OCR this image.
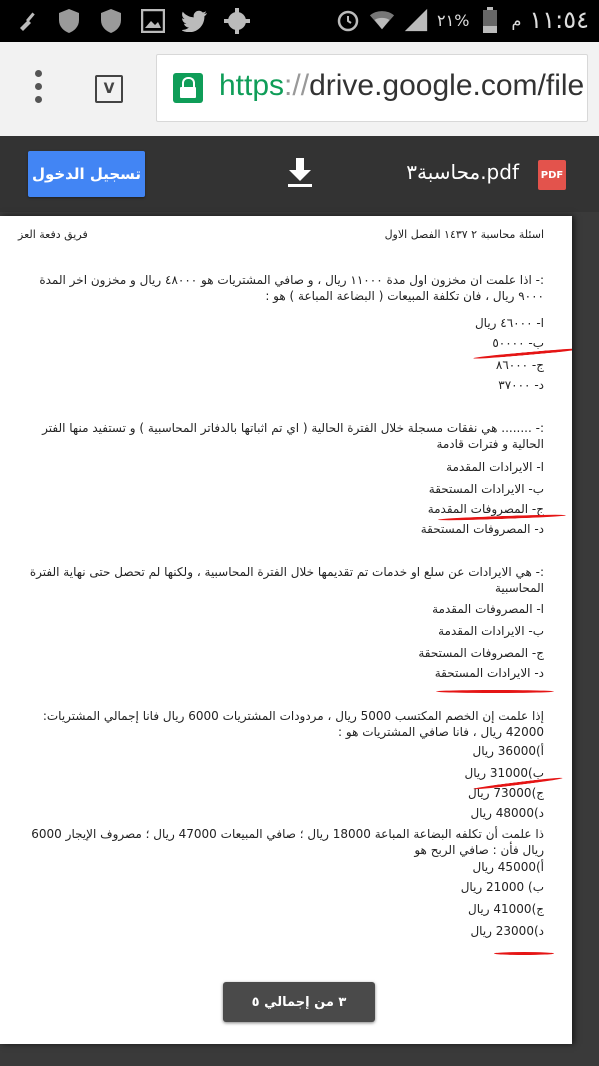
٢١%	م ١١:٥٤
V	https://drive.google.com/file
تسجيل الدخول	محاسبة٣.pdf PDF
اسئلة محاسبة ٢ ١٤٣٧ الفصل الاول
فريق دفعة العز
:- اذا علمت ان مخزون اول مدة ١١٠٠٠ ريال ، و صافي المشتريات هو ٤٨٠٠٠ ريال و مخزون اخر المدة ٩٠٠٠ ريال ، فان تكلفة المبيعات ( البضاعة المباعة ) هو :
ا- ٤٦٠٠٠ ريال
ب- ٥٠٠٠٠
ج- ٨٦٠٠٠
د- ٣٧٠٠٠
:- ........ هي نفقات مسجلة خلال الفترة الحالية ( اي تم اثباتها بالدفاتر المحاسبية ) و تستفيد منها الفتر الحالية و فترات قادمة
ا- الايرادات المقدمة
ب- الايرادات المستحقة
ج- المصروفات المقدمة
د- المصروفات المستحقة
:- هي الايرادات عن سلع او خدمات تم تقديمها خلال الفترة المحاسبية ، ولكنها لم تحصل حتى نهاية الفترة المحاسبية
ا- المصروفات المقدمة
ب- الايرادات المقدمة
ج- المصروفات المستحقة
د- الايرادات المستحقة
إذا علمت إن الخصم المكتسب 5000 ريال ، مردودات المشتريات 6000 ريال فانا إجمالي المشتريات: 42000 ريال ، فانا صافي المشتريات هو :
أ)36000 ريال
ب)31000 ريال
ج)73000 ريال
د)48000 ريال
ذا علمت أن تكلفه البضاعة المباعة 18000 ريال ؛ صافي المبيعات 47000 ريال ؛ مصروف الإيجار 6000 ريال فأن : صافي الربح هو
أ)45000 ريال
ب) 21000 ريال
ج)41000 ريال
د)23000 ريال
٣ من إجمالي ٥
